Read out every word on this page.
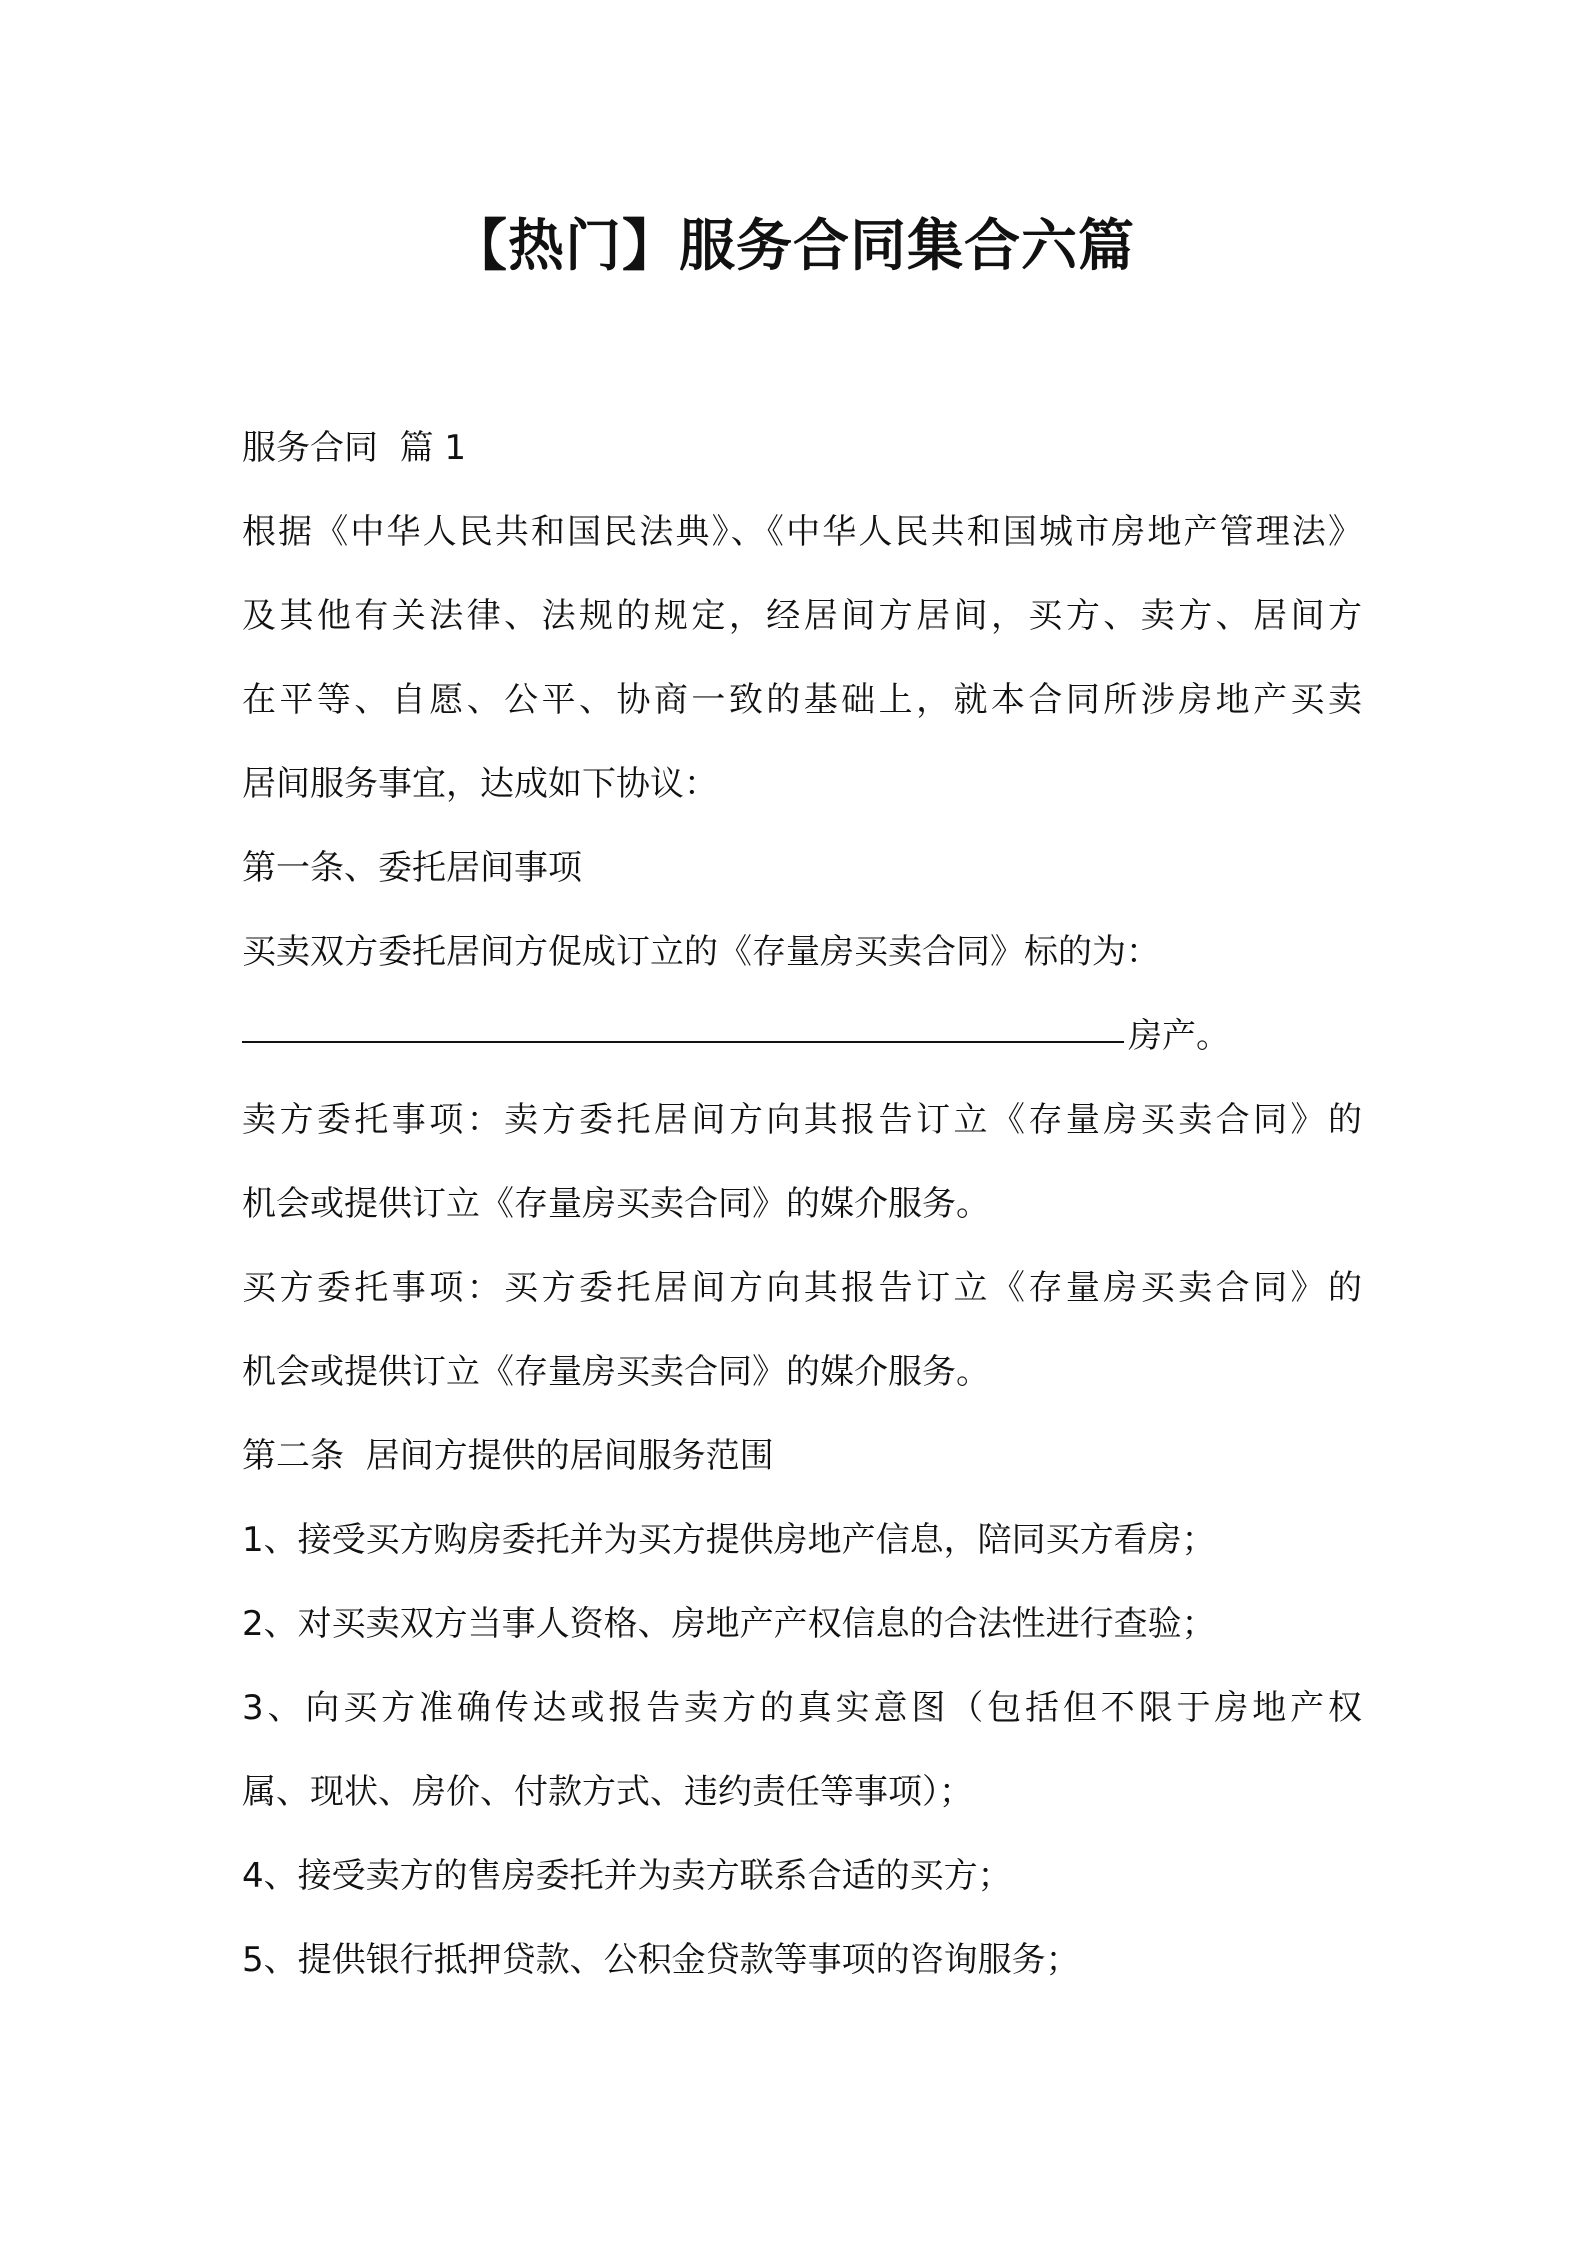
【热门】服务合同集合六篇
服务合同  篇 1
根据《中华人民共和国民法典》、《中华人民共和国城市房地产管理法》
及其他有关法律、法规的规定，经居间方居间，买方、卖方、居间方
在平等、自愿、公平、协商一致的基础上，就本合同所涉房地产买卖
居间服务事宜，达成如下协议：
第一条、委托居间事项
买卖双方委托居间方促成订立的《存量房买卖合同》标的为：
房产。
卖方委托事项：卖方委托居间方向其报告订立《存量房买卖合同》的
机会或提供订立《存量房买卖合同》的媒介服务。
买方委托事项：买方委托居间方向其报告订立《存量房买卖合同》的
机会或提供订立《存量房买卖合同》的媒介服务。
第二条  居间方提供的居间服务范围
1、接受买方购房委托并为买方提供房地产信息，陪同买方看房；
2、对买卖双方当事人资格、房地产产权信息的合法性进行查验；
3、向买方准确传达或报告卖方的真实意图（包括但不限于房地产权
属、现状、房价、付款方式、违约责任等事项）；
4、接受卖方的售房委托并为卖方联系合适的买方；
5、提供银行抵押贷款、公积金贷款等事项的咨询服务；
